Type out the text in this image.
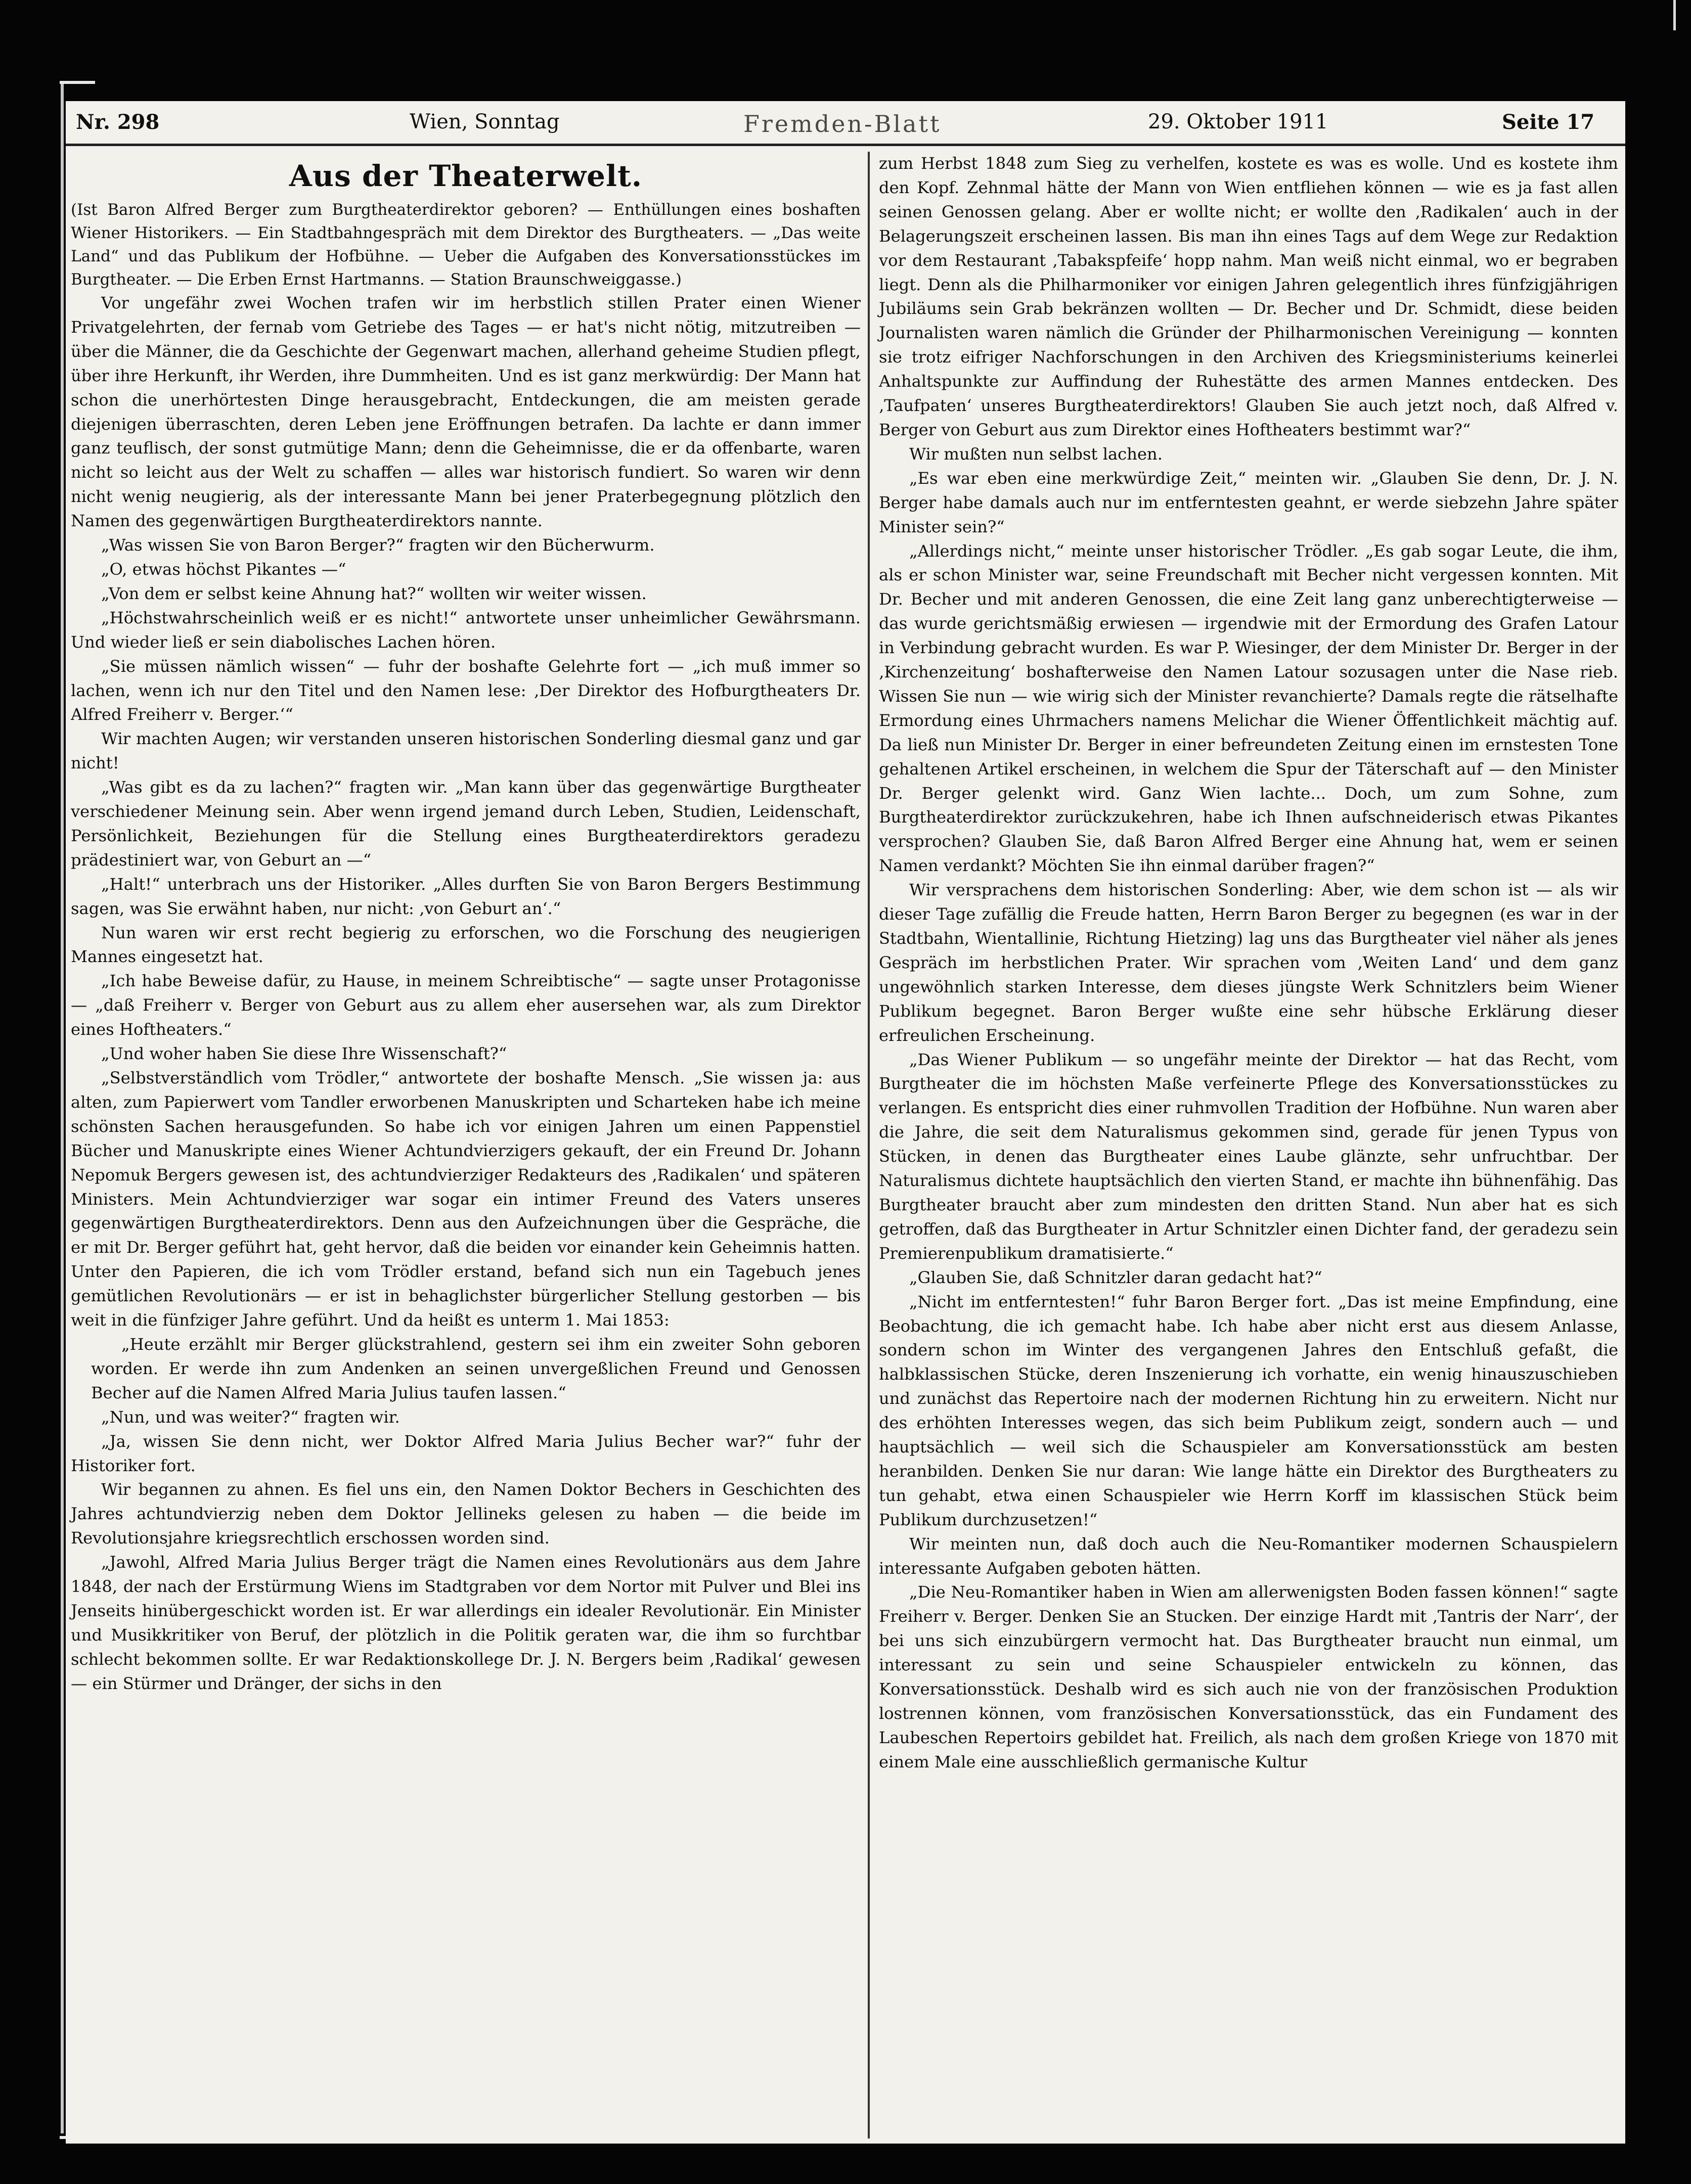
Nr. 298	Wien, Sonntag	Fremden-Blatt	29. Oktober 1911	Seite 17
Aus der Theaterwelt.

(Ist Baron Alfred Berger zum Burgtheaterdirektor geboren? — Enthüllungen eines boshaften Wiener Historikers. — Ein Stadtbahngespräch mit dem Direktor des Burgtheaters. — „Das weite Land“ und das Publikum der Hofbühne. — Ueber die Aufgaben des Konversationsstückes im Burgtheater. — Die Erben Ernst Hartmanns. — Station Braunschweiggasse.)

Vor ungefähr zwei Wochen trafen wir im herbstlich stillen Prater einen Wiener Privatgelehrten, der fernab vom Getriebe des Tages — er hat's nicht nötig, mitzutreiben — über die Männer, die da Geschichte der Gegenwart machen, allerhand geheime Studien pflegt, über ihre Herkunft, ihr Werden, ihre Dummheiten. Und es ist ganz merkwürdig: Der Mann hat schon die unerhörtesten Dinge herausgebracht, Entdeckungen, die am meisten gerade diejenigen überraschten, deren Leben jene Eröffnungen betrafen. Da lachte er dann immer ganz teuflisch, der sonst gutmütige Mann; denn die Geheimnisse, die er da offenbarte, waren nicht so leicht aus der Welt zu schaffen — alles war historisch fundiert. So waren wir denn nicht wenig neugierig, als der interessante Mann bei jener Praterbegegnung plötzlich den Namen des gegenwärtigen Burgtheaterdirektors nannte.

„Was wissen Sie von Baron Berger?“ fragten wir den Bücherwurm.

„O, etwas höchst Pikantes —“

„Von dem er selbst keine Ahnung hat?“ wollten wir weiter wissen.

„Höchstwahrscheinlich weiß er es nicht!“ antwortete unser unheimlicher Gewährsmann. Und wieder ließ er sein diabolisches Lachen hören.

„Sie müssen nämlich wissen“ — fuhr der boshafte Gelehrte fort — „ich muß immer so lachen, wenn ich nur den Titel und den Namen lese: ‚Der Direktor des Hofburgtheaters Dr. Alfred Freiherr v. Berger.‘“

Wir machten Augen; wir verstanden unseren historischen Sonderling diesmal ganz und gar nicht!

„Was gibt es da zu lachen?“ fragten wir. „Man kann über das gegenwärtige Burgtheater verschiedener Meinung sein. Aber wenn irgend jemand durch Leben, Studien, Leidenschaft, Persönlichkeit, Beziehungen für die Stellung eines Burgtheaterdirektors geradezu prädestiniert war, von Geburt an —“

„Halt!“ unterbrach uns der Historiker. „Alles durften Sie von Baron Bergers Bestimmung sagen, was Sie erwähnt haben, nur nicht: ‚von Geburt an‘.“

Nun waren wir erst recht begierig zu erforschen, wo die Forschung des neugierigen Mannes eingesetzt hat.

„Ich habe Beweise dafür, zu Hause, in meinem Schreibtische“ — sagte unser Protagonisse — „daß Freiherr v. Berger von Geburt aus zu allem eher ausersehen war, als zum Direktor eines Hoftheaters.“

„Und woher haben Sie diese Ihre Wissenschaft?“

„Selbstverständlich vom Trödler,“ antwortete der boshafte Mensch. „Sie wissen ja: aus alten, zum Papierwert vom Tandler erworbenen Manuskripten und Scharteken habe ich meine schönsten Sachen herausgefunden. So habe ich vor einigen Jahren um einen Pappenstiel Bücher und Manuskripte eines Wiener Achtundvierzigers gekauft, der ein Freund Dr. Johann Nepomuk Bergers gewesen ist, des achtundvierziger Redakteurs des ‚Radikalen‘ und späteren Ministers. Mein Achtundvierziger war sogar ein intimer Freund des Vaters unseres gegenwärtigen Burgtheaterdirektors. Denn aus den Aufzeichnungen über die Gespräche, die er mit Dr. Berger geführt hat, geht hervor, daß die beiden vor einander kein Geheimnis hatten. Unter den Papieren, die ich vom Trödler erstand, befand sich nun ein Tagebuch jenes gemütlichen Revolutionärs — er ist in behaglichster bürgerlicher Stellung gestorben — bis weit in die fünfziger Jahre geführt. Und da heißt es unterm 1. Mai 1853:

„Heute erzählt mir Berger glückstrahlend, gestern sei ihm ein zweiter Sohn geboren worden. Er werde ihn zum Andenken an seinen unvergeßlichen Freund und Genossen Becher auf die Namen Alfred Maria Julius taufen lassen.“

„Nun, und was weiter?“ fragten wir.

„Ja, wissen Sie denn nicht, wer Doktor Alfred Maria Julius Becher war?“ fuhr der Historiker fort.

Wir begannen zu ahnen. Es fiel uns ein, den Namen Doktor Bechers in Geschichten des Jahres achtundvierzig neben dem Doktor Jellineks gelesen zu haben — die beide im Revolutionsjahre kriegsrechtlich erschossen worden sind.

„Jawohl, Alfred Maria Julius Berger trägt die Namen eines Revolutionärs aus dem Jahre 1848, der nach der Erstürmung Wiens im Stadtgraben vor dem Nortor mit Pulver und Blei ins Jenseits hinübergeschickt worden ist. Er war allerdings ein idealer Revolutionär. Ein Minister und Musikkritiker von Beruf, der plötzlich in die Politik geraten war, die ihm so furchtbar schlecht bekommen sollte. Er war Redaktionskollege Dr. J. N. Bergers beim ‚Radikal‘ gewesen — ein Stürmer und Dränger, der sichs in den

zum Herbst 1848 zum Sieg zu verhelfen, kostete es was es wolle. Und es kostete ihm den Kopf. Zehnmal hätte der Mann von Wien entfliehen können — wie es ja fast allen seinen Genossen gelang. Aber er wollte nicht; er wollte den ‚Radikalen‘ auch in der Belagerungszeit erscheinen lassen. Bis man ihn eines Tags auf dem Wege zur Redaktion vor dem Restaurant ‚Tabakspfeife‘ hopp nahm. Man weiß nicht einmal, wo er begraben liegt. Denn als die Philharmoniker vor einigen Jahren gelegentlich ihres fünfzigjährigen Jubiläums sein Grab bekränzen wollten — Dr. Becher und Dr. Schmidt, diese beiden Journalisten waren nämlich die Gründer der Philharmonischen Vereinigung — konnten sie trotz eifriger Nachforschungen in den Archiven des Kriegsministeriums keinerlei Anhaltspunkte zur Auffindung der Ruhestätte des armen Mannes entdecken. Des ‚Taufpaten‘ unseres Burgtheaterdirektors! Glauben Sie auch jetzt noch, daß Alfred v. Berger von Geburt aus zum Direktor eines Hoftheaters bestimmt war?“

Wir mußten nun selbst lachen.

„Es war eben eine merkwürdige Zeit,“ meinten wir. „Glauben Sie denn, Dr. J. N. Berger habe damals auch nur im entferntesten geahnt, er werde siebzehn Jahre später Minister sein?“

„Allerdings nicht,“ meinte unser historischer Trödler. „Es gab sogar Leute, die ihm, als er schon Minister war, seine Freundschaft mit Becher nicht vergessen konnten. Mit Dr. Becher und mit anderen Genossen, die eine Zeit lang ganz unberechtigterweise — das wurde gerichtsmäßig erwiesen — irgendwie mit der Ermordung des Grafen Latour in Verbindung gebracht wurden. Es war P. Wiesinger, der dem Minister Dr. Berger in der ‚Kirchenzeitung‘ boshafterweise den Namen Latour sozusagen unter die Nase rieb. Wissen Sie nun — wie wirig sich der Minister revanchierte? Damals regte die rätselhafte Ermordung eines Uhrmachers namens Melichar die Wiener Öffentlichkeit mächtig auf. Da ließ nun Minister Dr. Berger in einer befreundeten Zeitung einen im ernstesten Tone gehaltenen Artikel erscheinen, in welchem die Spur der Täterschaft auf — den Minister Dr. Berger gelenkt wird. Ganz Wien lachte... Doch, um zum Sohne, zum Burgtheaterdirektor zurückzukehren, habe ich Ihnen aufschneiderisch etwas Pikantes versprochen? Glauben Sie, daß Baron Alfred Berger eine Ahnung hat, wem er seinen Namen verdankt? Möchten Sie ihn einmal darüber fragen?“

Wir versprachens dem historischen Sonderling: Aber, wie dem schon ist — als wir dieser Tage zufällig die Freude hatten, Herrn Baron Berger zu begegnen (es war in der Stadtbahn, Wientallinie, Richtung Hietzing) lag uns das Burgtheater viel näher als jenes Gespräch im herbstlichen Prater. Wir sprachen vom ‚Weiten Land‘ und dem ganz ungewöhnlich starken Interesse, dem dieses jüngste Werk Schnitzlers beim Wiener Publikum begegnet. Baron Berger wußte eine sehr hübsche Erklärung dieser erfreulichen Erscheinung.

„Das Wiener Publikum — so ungefähr meinte der Direktor — hat das Recht, vom Burgtheater die im höchsten Maße verfeinerte Pflege des Konversationsstückes zu verlangen. Es entspricht dies einer ruhmvollen Tradition der Hofbühne. Nun waren aber die Jahre, die seit dem Naturalismus gekommen sind, gerade für jenen Typus von Stücken, in denen das Burgtheater eines Laube glänzte, sehr unfruchtbar. Der Naturalismus dichtete hauptsächlich den vierten Stand, er machte ihn bühnenfähig. Das Burgtheater braucht aber zum mindesten den dritten Stand. Nun aber hat es sich getroffen, daß das Burgtheater in Artur Schnitzler einen Dichter fand, der geradezu sein Premierenpublikum dramatisierte.“

„Glauben Sie, daß Schnitzler daran gedacht hat?“

„Nicht im entferntesten!“ fuhr Baron Berger fort. „Das ist meine Empfindung, eine Beobachtung, die ich gemacht habe. Ich habe aber nicht erst aus diesem Anlasse, sondern schon im Winter des vergangenen Jahres den Entschluß gefaßt, die halbklassischen Stücke, deren Inszenierung ich vorhatte, ein wenig hinauszuschieben und zunächst das Repertoire nach der modernen Richtung hin zu erweitern. Nicht nur des erhöhten Interesses wegen, das sich beim Publikum zeigt, sondern auch — und hauptsächlich — weil sich die Schauspieler am Konversationsstück am besten heranbilden. Denken Sie nur daran: Wie lange hätte ein Direktor des Burgtheaters zu tun gehabt, etwa einen Schauspieler wie Herrn Korff im klassischen Stück beim Publikum durchzusetzen!“

Wir meinten nun, daß doch auch die Neu-Romantiker modernen Schauspielern interessante Aufgaben geboten hätten.

„Die Neu-Romantiker haben in Wien am allerwenigsten Boden fassen können!“ sagte Freiherr v. Berger. Denken Sie an Stucken. Der einzige Hardt mit ‚Tantris der Narr‘, der bei uns sich einzubürgern vermocht hat. Das Burgtheater braucht nun einmal, um interessant zu sein und seine Schauspieler entwickeln zu können, das Konversationsstück. Deshalb wird es sich auch nie von der französischen Produktion lostrennen können, vom französischen Konversationsstück, das ein Fundament des Laubeschen Repertoirs gebildet hat. Freilich, als nach dem großen Kriege von 1870 mit einem Male eine ausschließlich germanische Kultur
